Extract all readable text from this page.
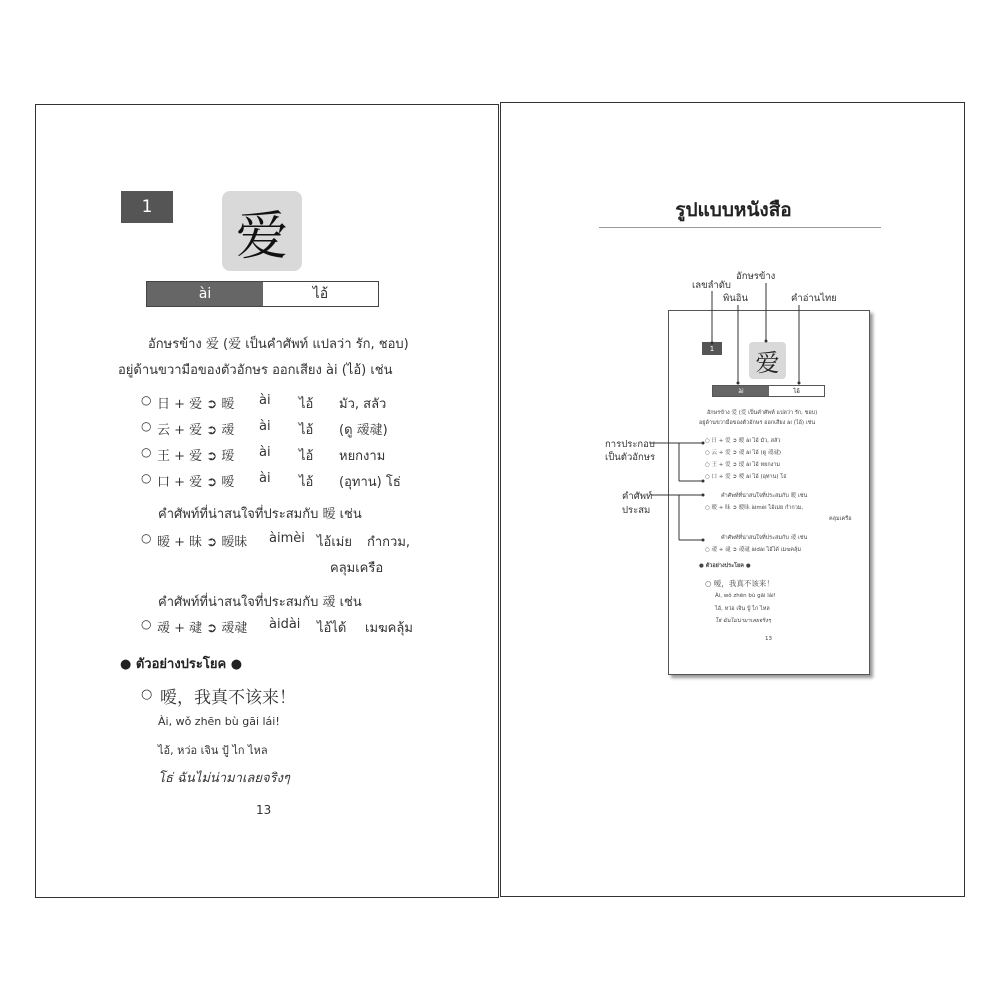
1	爱
ài	ไอ้
อักษรข้าง 爱 (爱 เป็นคำศัพท์ แปลว่า รัก, ชอบ)
อยู่ด้านขวามือของตัวอักษร ออกเสียง ài (ไอ้) เช่น
○ 日 + 爱 ➲ 暧 ài ไอ้ มัว, สลัว
○ 云 + 爱 ➲ 叆 ài ไอ้ (ดู 叆叇)
○ 王 + 爱 ➲ 瑷 ài ไอ้ หยกงาม
○ 口 + 爱 ➲ 嗳 ài ไอ้ (อุทาน) โธ่
คำศัพท์ที่น่าสนใจที่ประสมกับ 暧 เช่น
○ 暧 + 昧 ➲ 暧昧 àimèi ไอ้เม่ย กำกวม,
คลุมเครือ
คำศัพท์ที่น่าสนใจที่ประสมกับ 叆 เช่น
○ 叆 + 叇 ➲ 叆叇 àidài ไอ้ได้ เมฆคลุ้ม
● ตัวอย่างประโยค ●
○ 嗳，我真不该来！
Ài, wǒ zhēn bù gāi lái!
ไอ้, หว่อ เจิน ปู้ ไก ไหล
โธ่ ฉันไม่น่ามาเลยจริงๆ
13
รูปแบบหนังสือ
อักษรข้าง
เลขลำดับ
พินอิน	คำอ่านไทย
การประกอบ
เป็นตัวอักษร
คำศัพท์
ประสม
1
爱
ài	ไอ้
อักษรข้าง 爱 (爱 เป็นคำศัพท์ แปลว่า รัก, ชอบ)
อยู่ด้านขวามือของตัวอักษร ออกเสียง ài (ไอ้) เช่น
○ 日 + 爱 ➲ 暧 ài ไอ้ มัว, สลัว
○ 云 + 爱 ➲ 叆 ài ไอ้ (ดู 叆叇)
○ 王 + 爱 ➲ 瑷 ài ไอ้ หยกงาม
○ 口 + 爱 ➲ 嗳 ài ไอ้ (อุทาน) โธ่
คำศัพท์ที่น่าสนใจที่ประสมกับ 暧 เช่น
○ 暧 + 昧 ➲ 暧昧 àimèi ไอ้เม่ย กำกวม,
คลุมเครือ
คำศัพท์ที่น่าสนใจที่ประสมกับ 叆 เช่น
○ 叆 + 叇 ➲ 叆叇 àidài ไอ้ได้ เมฆคลุ้ม
● ตัวอย่างประโยค ●
○ 嗳，我真不该来！
Ài, wǒ zhēn bù gāi lái!
ไอ้, หว่อ เจิน ปู้ ไก ไหล
โธ่ ฉันไม่น่ามาเลยจริงๆ
13
